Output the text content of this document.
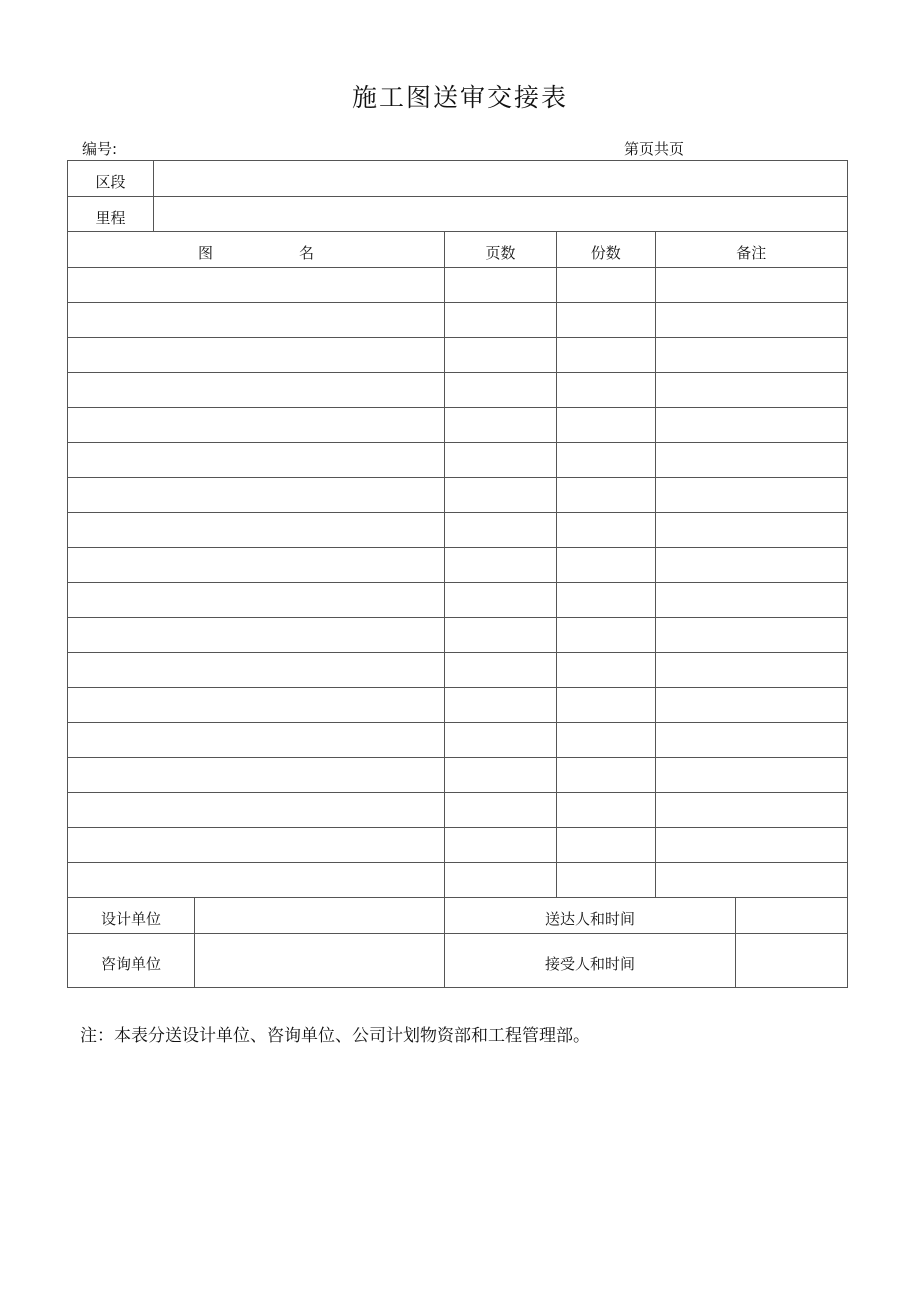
施工图送审交接表
编号:	第页共页
区段	
里程	
图	名	页数		份数	备注

设计单位		送达人和时间	
咨询单位		接受人和时间	
注：本表分送设计单位、咨询单位、公司计划物资部和工程管理部。
